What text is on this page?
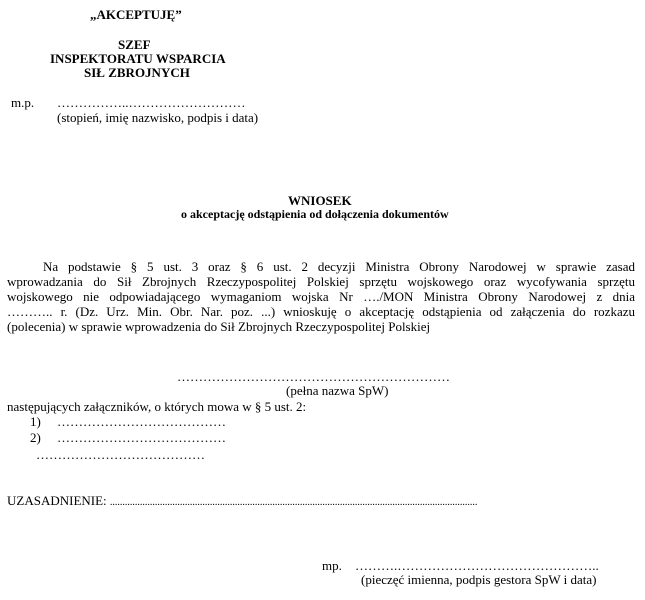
„AKCEPTUJĘ”
SZEF
INSPEKTORATU WSPARCIA
SIŁ ZBROJNYCH
m.p. ……………..………………………
(stopień, imię nazwisko, podpis i data)
WNIOSEK
o akceptację odstąpienia od dołączenia dokumentów
Na podstawie § 5 ust. 3 oraz § 6 ust. 2 decyzji Ministra Obrony Narodowej w sprawie zasad
wprowadzania do Sił Zbrojnych Rzeczypospolitej Polskiej sprzętu wojskowego oraz wycofywania sprzętu
wojskowego nie odpowiadającego wymaganiom wojska Nr …./MON Ministra Obrony Narodowej z dnia
……….. r. (Dz. Urz. Min. Obr. Nar. poz. ...) wnioskuję o akceptację odstąpienia od załączenia do rozkazu
(polecenia) w sprawie wprowadzenia do Sił Zbrojnych Rzeczypospolitej Polskiej
………………………………………………………
(pełna nazwa SpW)
następujących załączników, o których mowa w § 5 ust. 2:
1) …………………………………
2) …………………………………
…………………………………
UZASADNIENIE: ...................................................................................................................................................
mp. ……….………………………………………..
(pieczęć imienna, podpis gestora SpW i data)
